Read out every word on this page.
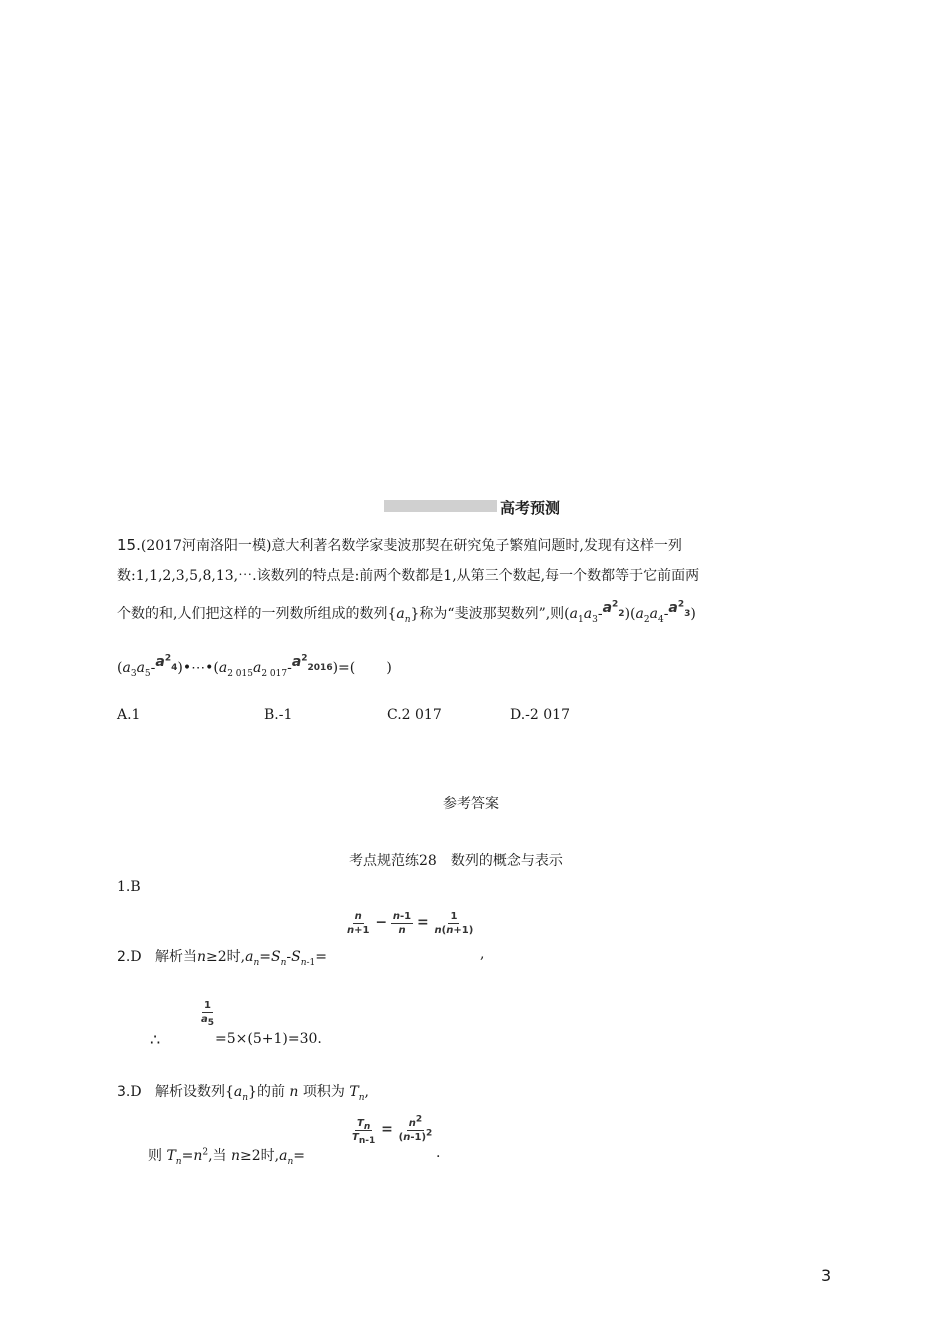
高考预测
15.(2017河南洛阳一模)意大利著名数学家斐波那契在研究兔子繁殖问题时,发现有这样一列
数:1,1,2,3,5,8,13,⋯.该数列的特点是:前两个数都是1,从第三个数起,每一个数都等于它前面两
个数的和,人们把这样的一列数所组成的数列$\{a_n\}$称为“斐波那契数列”,则$(a_1a_3-a^2_2)(a_2a_4-a^2_3)$
$(a_3a_5-a^2_4)•\cdots•(a_{2 015}a_{2 017}-a^2_{2016})=$(       )
A.1	B.-1	C.2 017	D.-2 017
参考答案
考点规范练28　数列的概念与表示
1.B
$\frac{n}{n+1} - \frac{n-1}{n} = \frac{1}{n(n+1)}$
2.D 解析当n≥2时$,a_n=S_n-S_{n-1}=$	,
$\frac{1}{a_5}$
∴	=5×(5+1)=30.
3.D 解析设数列$\{a_n\}$的前 n 项积为 $T_n$,
$\frac{T_n}{T_{n-1}} = \frac{n^2}{(n-1)^2}$
则 $T_n=n^2$,当 n≥2时$,a_n=$	.
3
